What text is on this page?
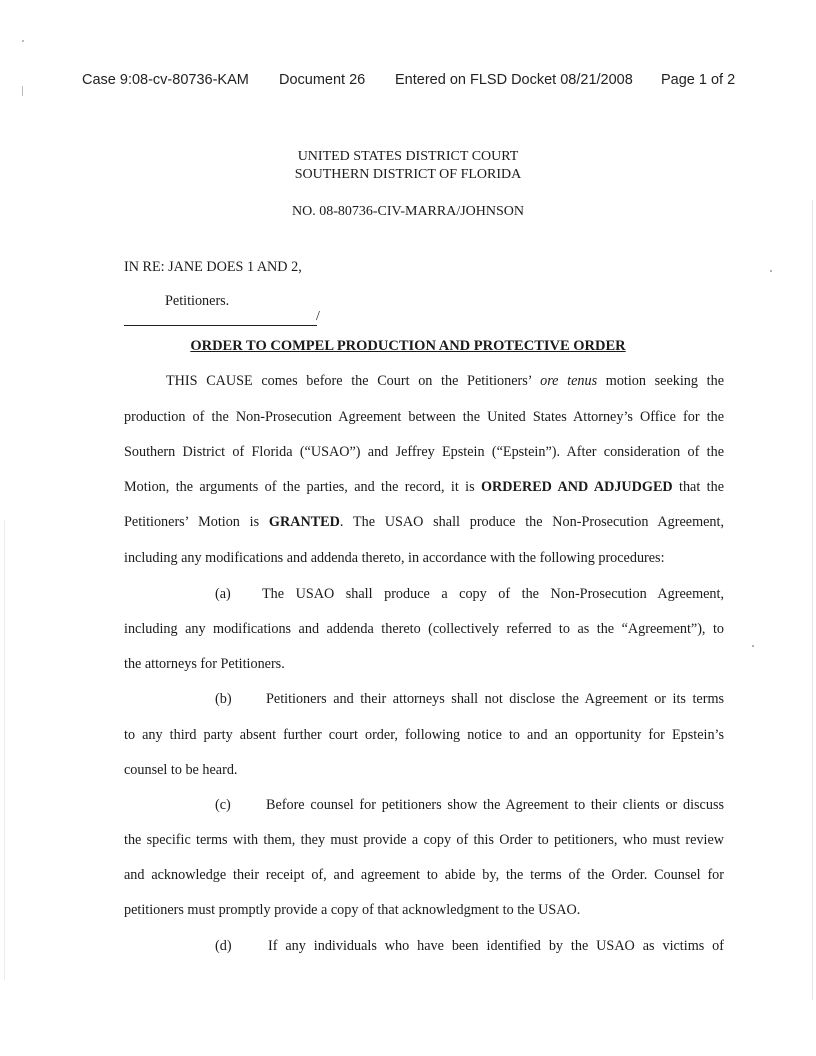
Case 9:08-cv-80736-KAM Document 26 Entered on FLSD Docket 08/21/2008 Page 1 of 2
UNITED STATES DISTRICT COURT
SOUTHERN DISTRICT OF FLORIDA
NO. 08-80736-CIV-MARRA/JOHNSON
IN RE: JANE DOES 1 AND 2,
Petitioners.
/
ORDER TO COMPEL PRODUCTION AND PROTECTIVE ORDER
THIS CAUSE comes before the Court on the Petitioners’ ore tenus motion seeking the
production of the Non-Prosecution Agreement between the United States Attorney’s Office for the
Southern District of Florida (“USAO”) and Jeffrey Epstein (“Epstein”). After consideration of the
Motion, the arguments of the parties, and the record, it is ORDERED AND ADJUDGED that the
Petitioners’ Motion is GRANTED. The USAO shall produce the Non-Prosecution Agreement,
including any modifications and addenda thereto, in accordance with the following procedures:
(a) The USAO shall produce a copy of the Non-Prosecution Agreement,
including any modifications and addenda thereto (collectively referred to as the “Agreement”), to
the attorneys for Petitioners.
(b) Petitioners and their attorneys shall not disclose the Agreement or its terms
to any third party absent further court order, following notice to and an opportunity for Epstein’s
counsel to be heard.
(c) Before counsel for petitioners show the Agreement to their clients or discuss
the specific terms with them, they must provide a copy of this Order to petitioners, who must review
and acknowledge their receipt of, and agreement to abide by, the terms of the Order. Counsel for
petitioners must promptly provide a copy of that acknowledgment to the USAO.
(d)	If any individuals who have been identified by the USAO as victims of
